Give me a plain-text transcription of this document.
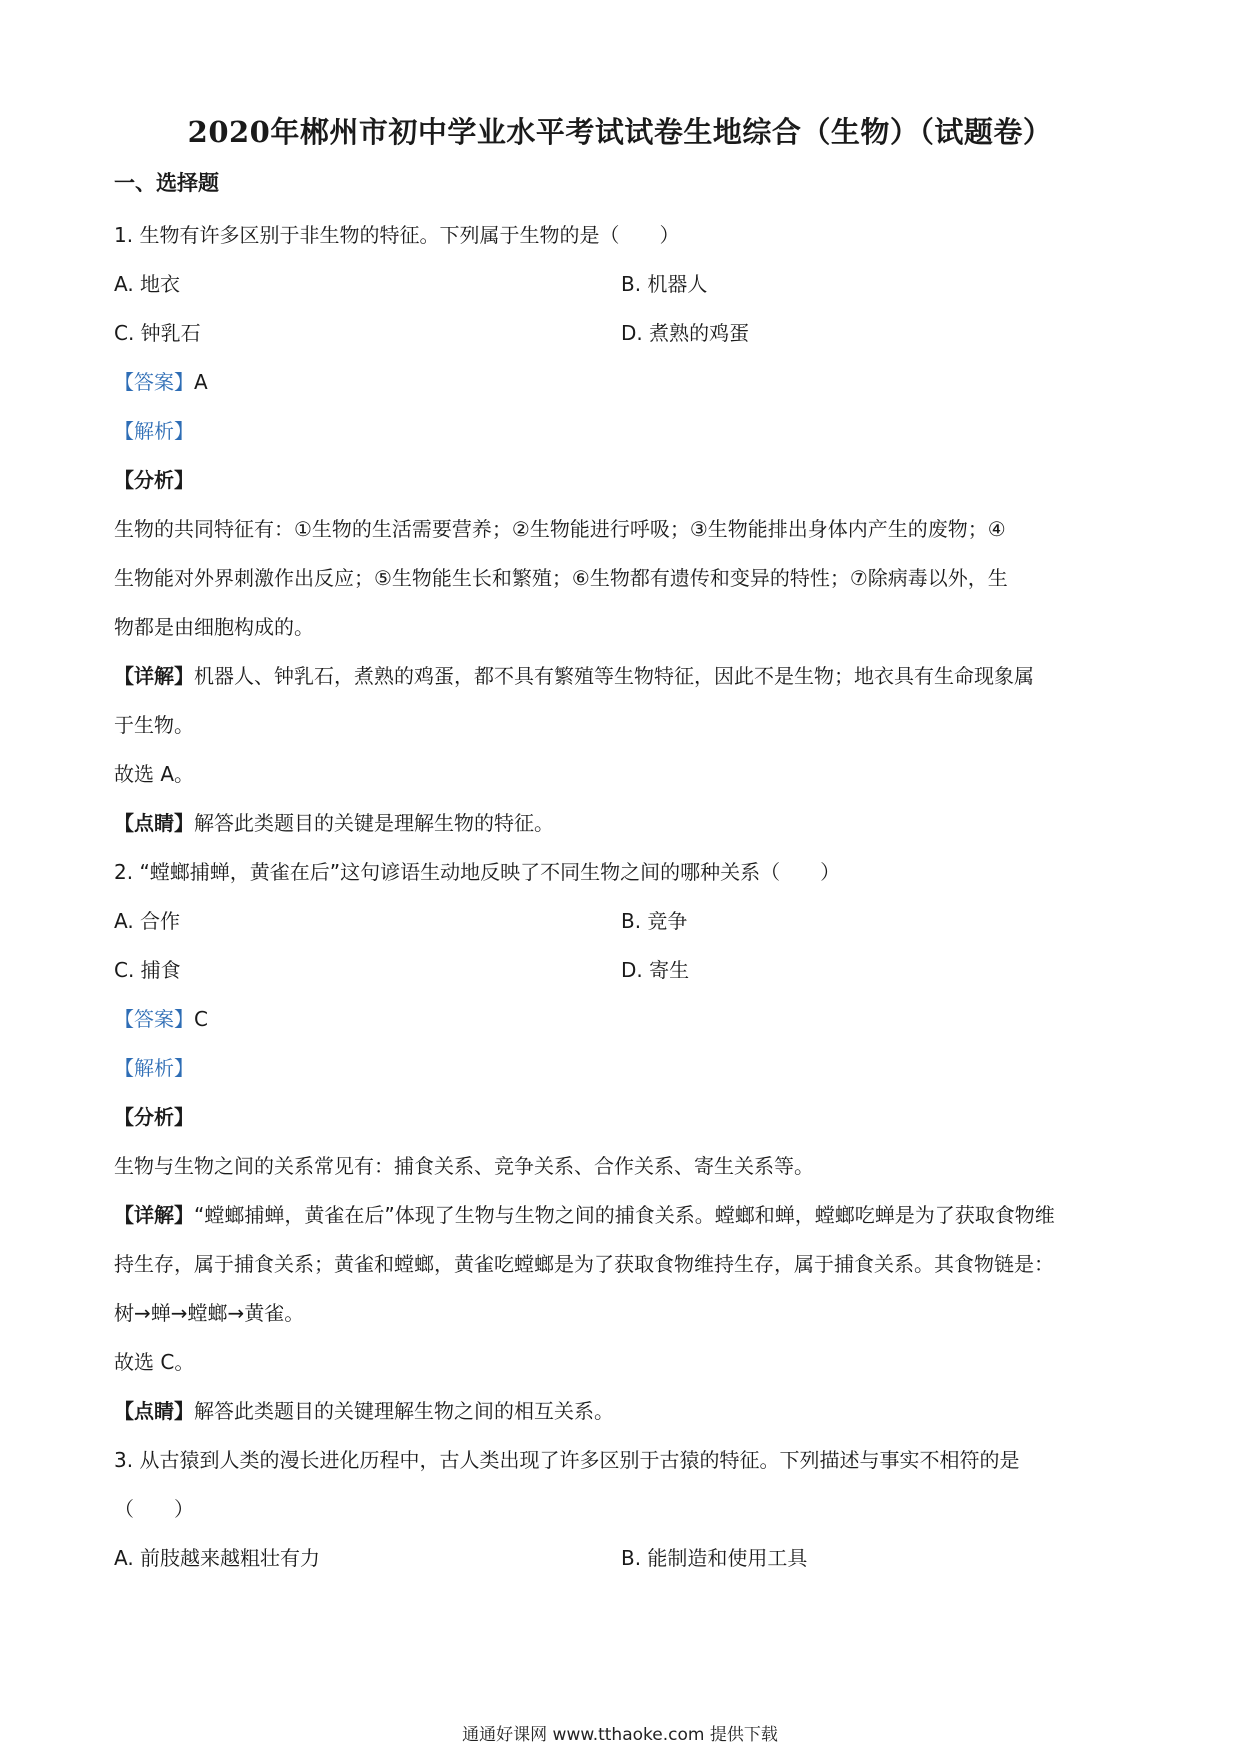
2020年郴州市初中学业水平考试试卷生地综合（生物）（试题卷）
一、选择题
1. 生物有许多区别于非生物的特征。下列属于生物的是（　　）
A. 地衣	B. 机器人
C. 钟乳石	D. 煮熟的鸡蛋
【答案】A
【解析】
【分析】
生物的共同特征有：①生物的生活需要营养；②生物能进行呼吸；③生物能排出身体内产生的废物；④
生物能对外界刺激作出反应；⑤生物能生长和繁殖；⑥生物都有遗传和变异的特性；⑦除病毒以外，生
物都是由细胞构成的。
【详解】机器人、钟乳石，煮熟的鸡蛋，都不具有繁殖等生物特征，因此不是生物；地衣具有生命现象属
于生物。
故选 A。
【点睛】解答此类题目的关键是理解生物的特征。
2. “螳螂捕蝉，黄雀在后”这句谚语生动地反映了不同生物之间的哪种关系（　　）
A. 合作	B. 竞争
C. 捕食	D. 寄生
【答案】C
【解析】
【分析】
生物与生物之间的关系常见有：捕食关系、竞争关系、合作关系、寄生关系等。
【详解】“螳螂捕蝉，黄雀在后”体现了生物与生物之间的捕食关系。螳螂和蝉，螳螂吃蝉是为了获取食物维
持生存，属于捕食关系；黄雀和螳螂，黄雀吃螳螂是为了获取食物维持生存，属于捕食关系。其食物链是：
树→蝉→螳螂→黄雀。
故选 C。
【点睛】解答此类题目的关键理解生物之间的相互关系。
3. 从古猿到人类的漫长进化历程中，古人类出现了许多区别于古猿的特征。下列描述与事实不相符的是
（　　）
A. 前肢越来越粗壮有力	B. 能制造和使用工具
通通好课网 www.tthaoke.com 提供下载
